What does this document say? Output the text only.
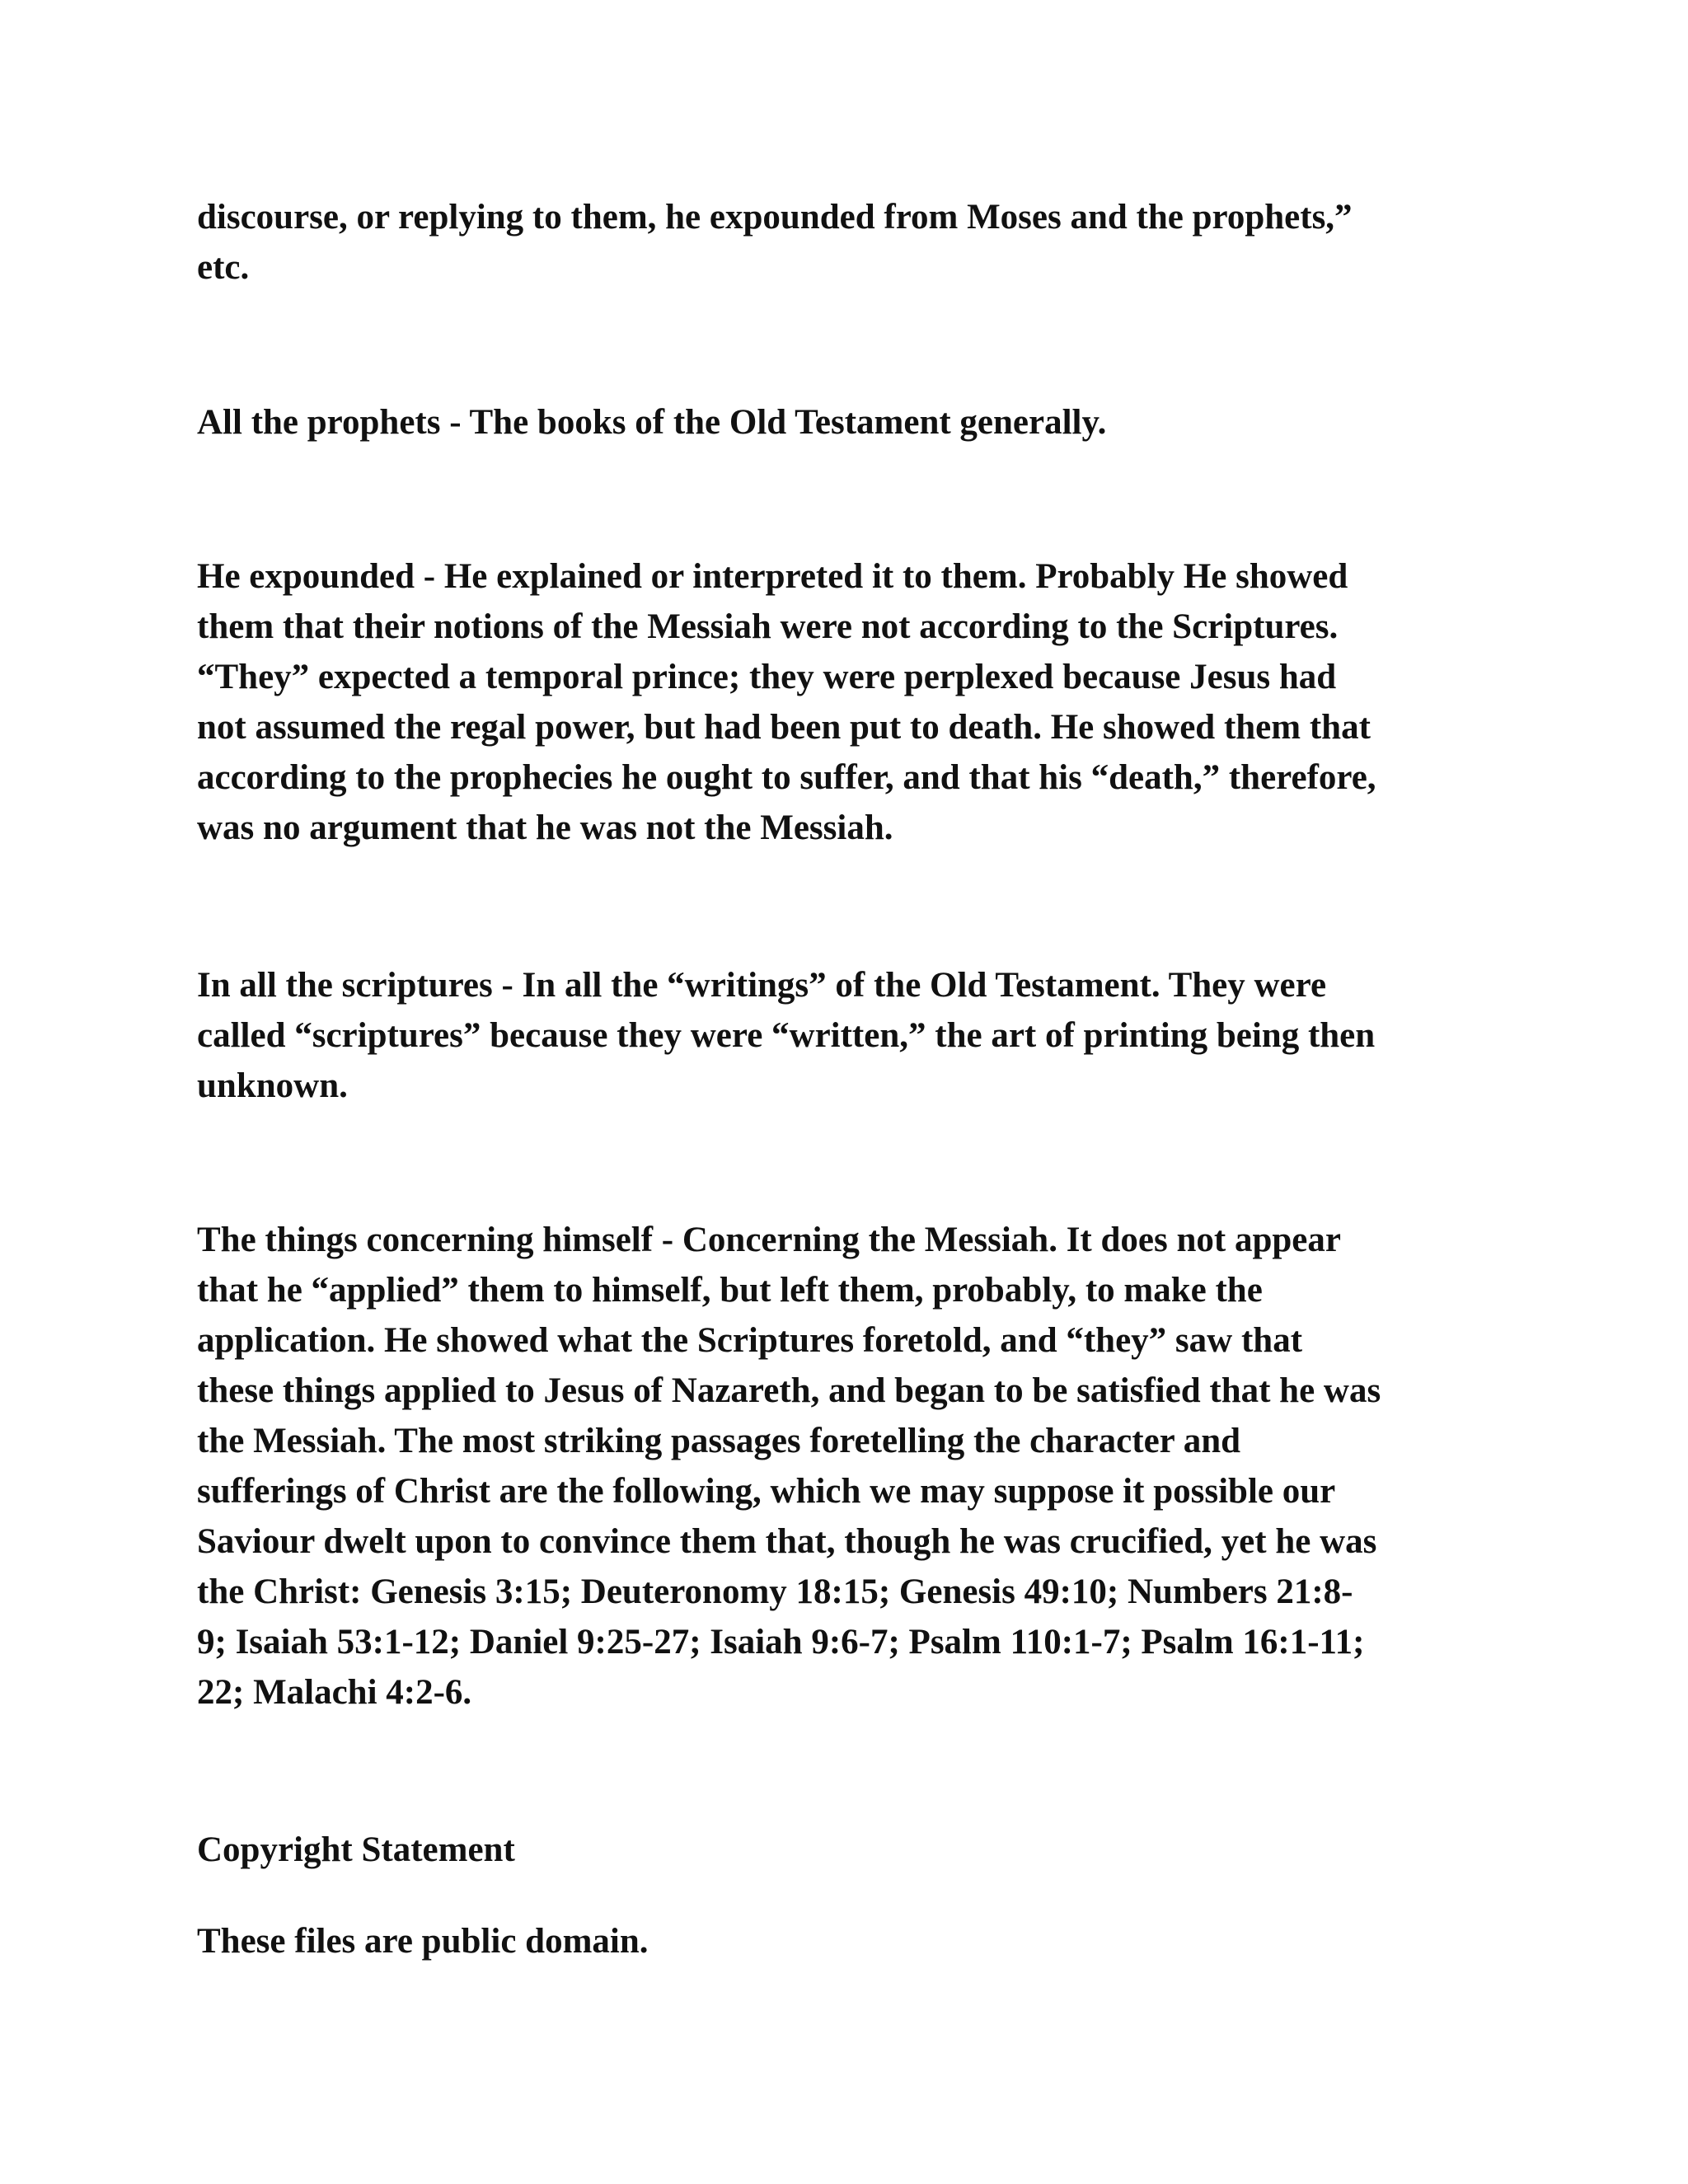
discourse, or replying to them, he expounded from Moses and the prophets,”
etc.
All the prophets - The books of the Old Testament generally.
He expounded - He explained or interpreted it to them. Probably He showed
them that their notions of the Messiah were not according to the Scriptures.
“They” expected a temporal prince; they were perplexed because Jesus had
not assumed the regal power, but had been put to death. He showed them that
according to the prophecies he ought to suffer, and that his “death,” therefore,
was no argument that he was not the Messiah.
In all the scriptures - In all the “writings” of the Old Testament. They were
called “scriptures” because they were “written,” the art of printing being then
unknown.
The things concerning himself - Concerning the Messiah. It does not appear
that he “applied” them to himself, but left them, probably, to make the
application. He showed what the Scriptures foretold, and “they” saw that
these things applied to Jesus of Nazareth, and began to be satisfied that he was
the Messiah. The most striking passages foretelling the character and
sufferings of Christ are the following, which we may suppose it possible our
Saviour dwelt upon to convince them that, though he was crucified, yet he was
the Christ: Genesis 3:15; Deuteronomy 18:15; Genesis 49:10; Numbers 21:8-
9; Isaiah 53:1-12; Daniel 9:25-27; Isaiah 9:6-7; Psalm 110:1-7; Psalm 16:1-11;
22; Malachi 4:2-6.
Copyright Statement
These files are public domain.
